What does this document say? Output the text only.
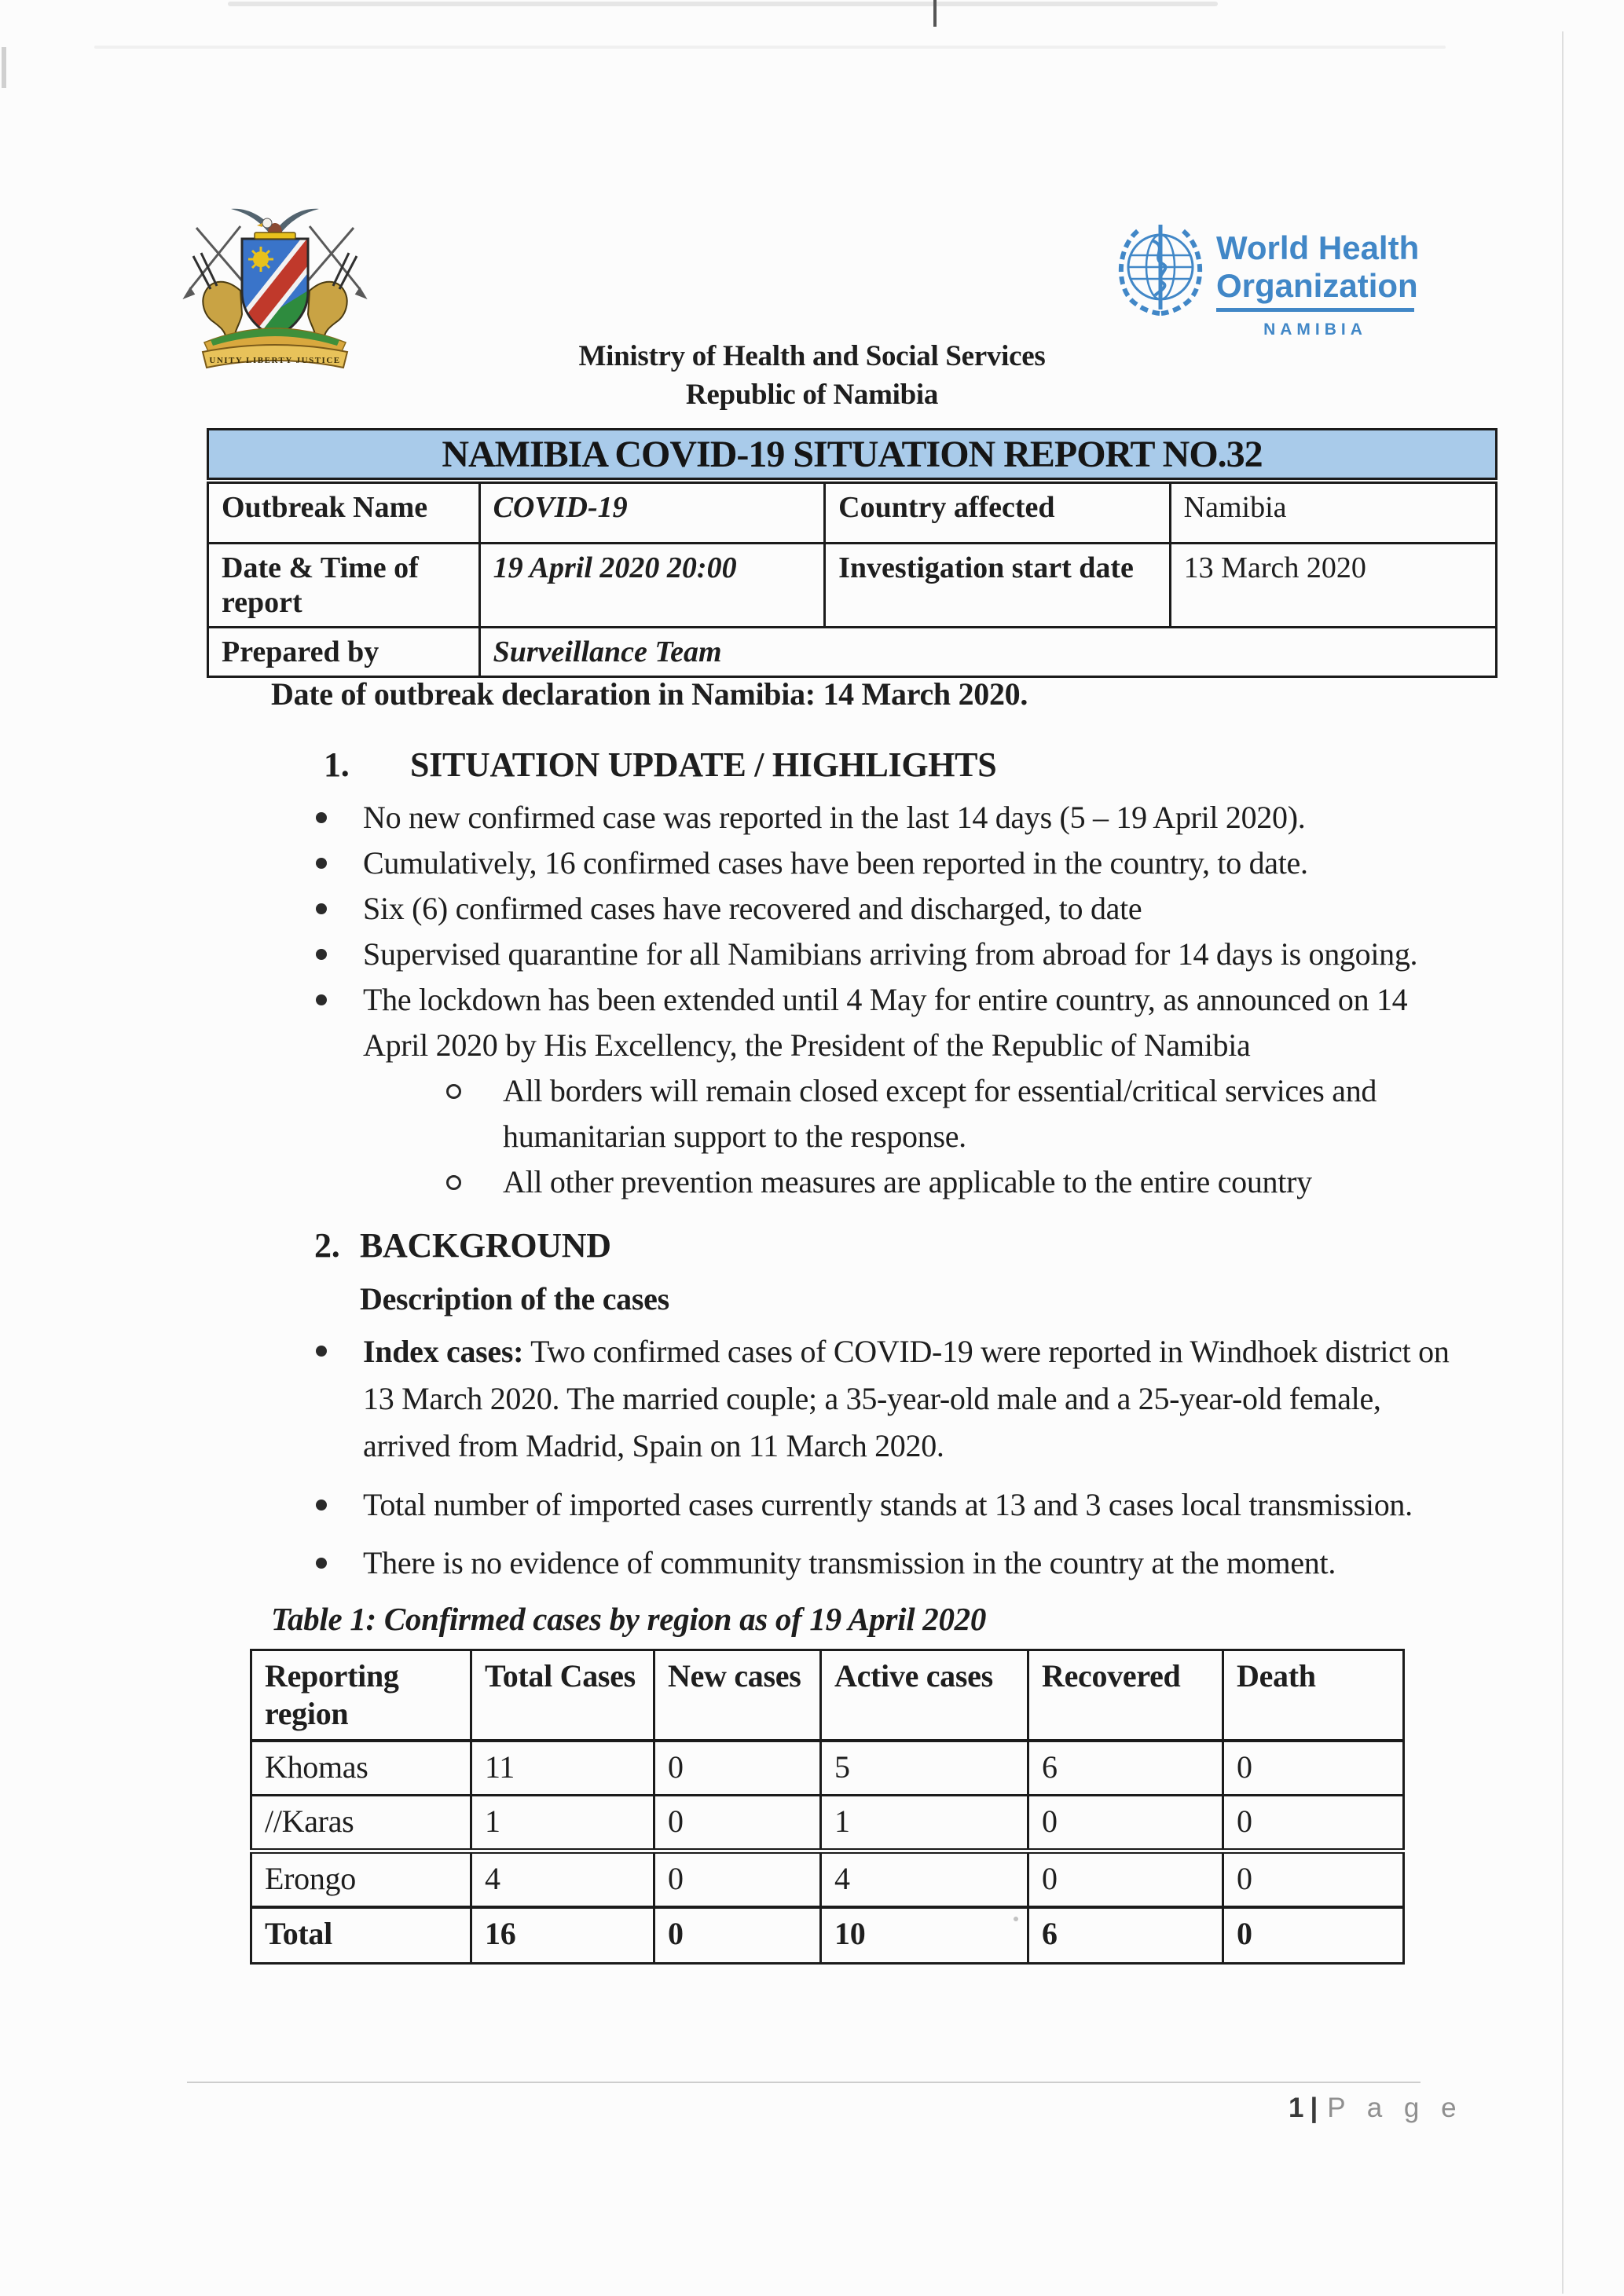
UNITY LIBERTY JUSTICE
World Health
Organization
NAMIBIA
Ministry of Health and Social Services
Republic of Namibia
NAMIBIA COVID-19 SITUATION REPORT NO.32
Outbreak Name	COVID-19	Country affected	Namibia
Date & Time of report	19 April 2020 20:00	Investigation start date	13 March 2020
Prepared by	Surveillance Team		
Date of outbreak declaration in Namibia: 14 March 2020.
1. SITUATION UPDATE / HIGHLIGHTS
No new confirmed case was reported in the last 14 days (5 – 19 April 2020).
Cumulatively, 16 confirmed cases have been reported in the country, to date.
Six (6) confirmed cases have recovered and discharged, to date
Supervised quarantine for all Namibians arriving from abroad for 14 days is ongoing.
The lockdown has been extended until 4 May for entire country, as announced on 14 April 2020 by His Excellency, the President of the Republic of Namibia
All borders will remain closed except for essential/critical services and humanitarian support to the response.
All other prevention measures are applicable to the entire country
2. BACKGROUND
Description of the cases
Index cases: Two confirmed cases of COVID-19 were reported in Windhoek district on 13 March 2020. The married couple; a 35-year-old male and a 25-year-old female, arrived from Madrid, Spain on 11 March 2020.
Total number of imported cases currently stands at 13 and 3 cases local transmission.
There is no evidence of community transmission in the country at the moment.
Table 1: Confirmed cases by region as of 19 April 2020
Reporting region	Total Cases	New cases	Active cases	Recovered	Death
Khomas	11	0	5	6	0
//Karas	1	0	1	0	0
Erongo	4	0	4	0	0
Total	16	0	10	6	0
1 | P a g e
